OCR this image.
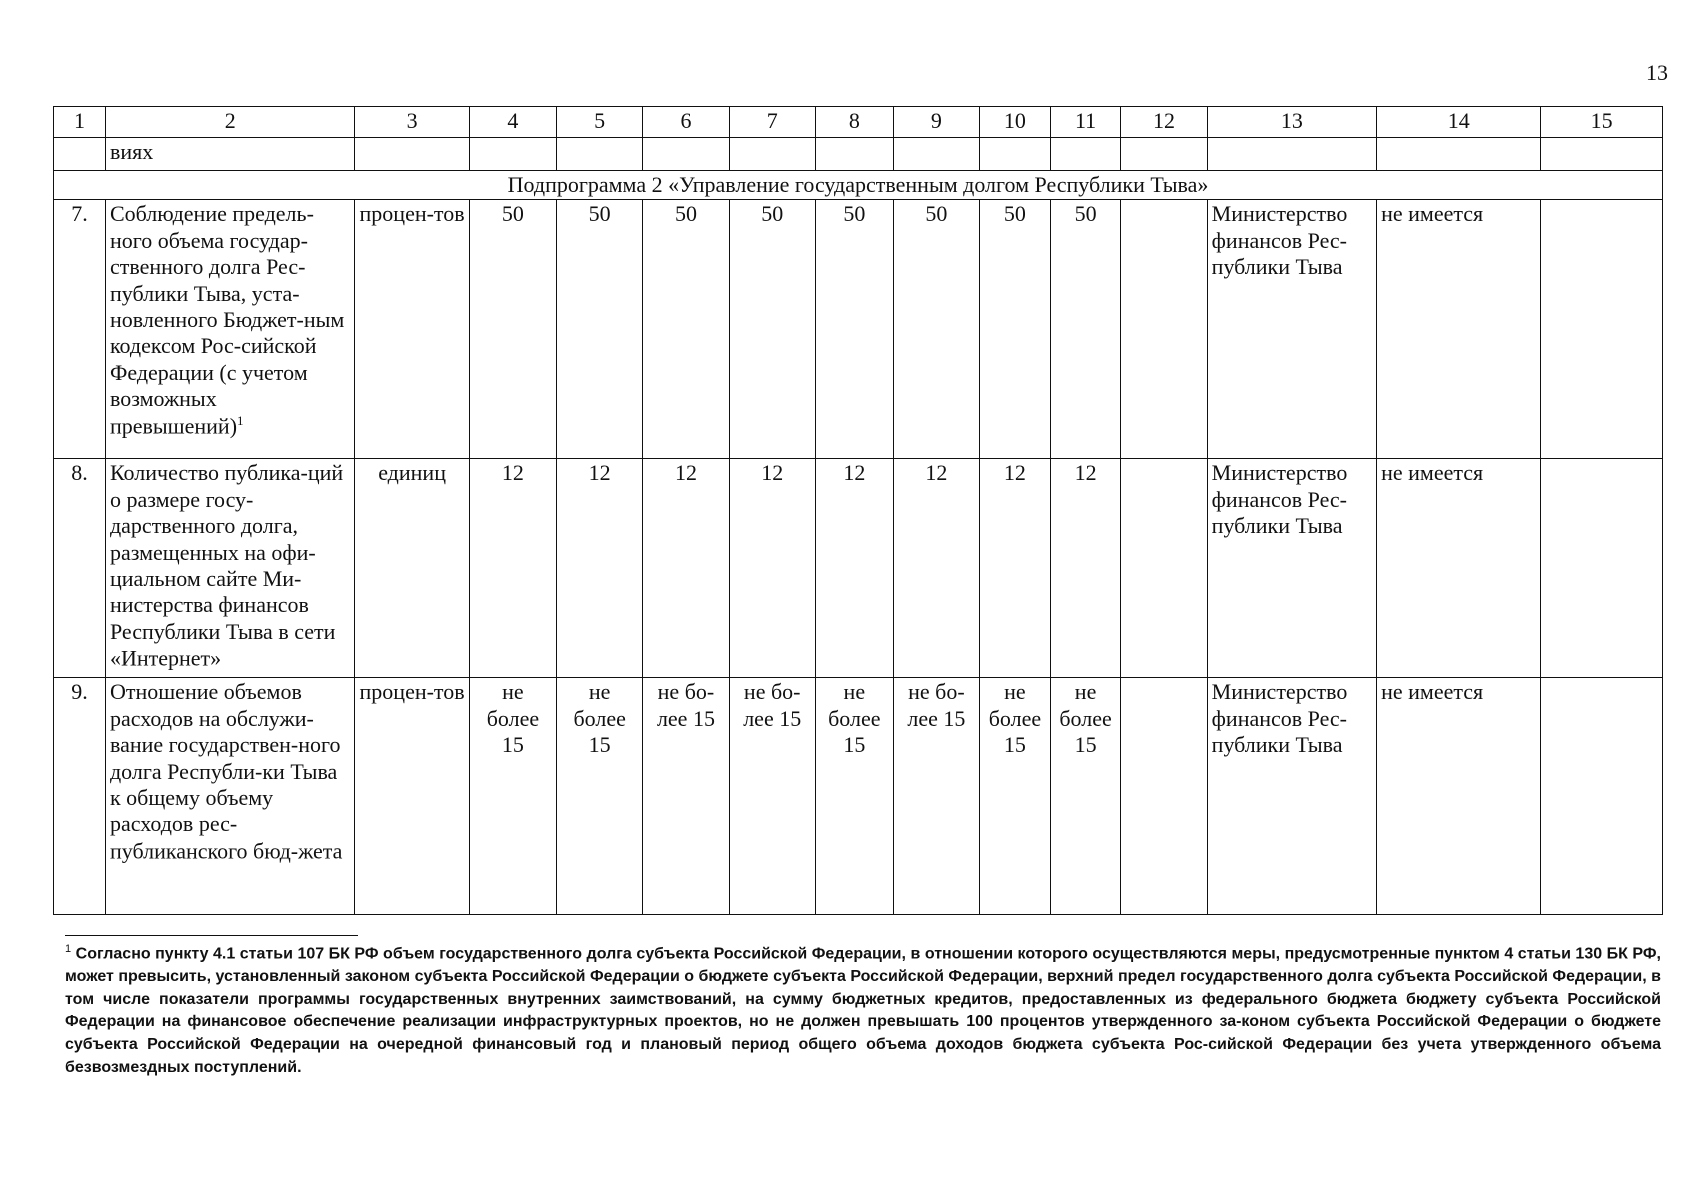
13
1	2	3	4	5	6	7	8	9	10	11	12	13	14	15
	виях													
Подпрограмма 2 «Управление государственным долгом Республики Тыва»														
7.	Соблюдение предель-ного объема государ-ственного долга Рес-публики Тыва, уста-новленного Бюджет-ным кодексом Рос-сийской Федерации (с учетом возможных превышений)$^1$	процен-тов	50	50	50	50	50	50	50	50		Министерство финансов Рес-публики Тыва	не имеется	
8.	Количество публика-ций о размере госу-дарственного долга, размещенных на офи-циальном сайте Ми-нистерства финансов Республики Тыва в сети «Интернет»	единиц	12	12	12	12	12	12	12	12		Министерство финансов Рес-публики Тыва	не имеется	
9.	Отношение объемов расходов на обслужи-вание государствен-ного долга Республи-ки Тыва к общему объему расходов рес-публиканского бюд-жета	процен-тов	не более 15	не более 15	не бо-лее 15	не бо-лее 15	не более 15	не бо-лее 15	не более 15	не более 15		Министерство финансов Рес-публики Тыва	не имеется	
$^1$ Согласно пункту 4.1 статьи 107 БК РФ объем государственного долга субъекта Российской Федерации, в отношении которого осуществляются меры, предусмотренные пунктом 4 статьи 130 БК РФ, может превысить, установленный законом субъекта Российской Федерации о бюджете субъекта Российской Федерации, верхний предел государственного долга субъекта Российской Федерации, в том числе показатели программы государственных внутренних заимствований, на сумму бюджетных кредитов, предоставленных из федерального бюджета бюджету субъекта Российской Федерации на финансовое обеспечение реализации инфраструктурных проектов, но не должен превышать 100 процентов утвержденного за-коном субъекта Российской Федерации о бюджете субъекта Российской Федерации на очередной финансовый год и плановый период общего объема доходов бюджета субъекта Рос-сийской Федерации без учета утвержденного объема безвозмездных поступлений.
